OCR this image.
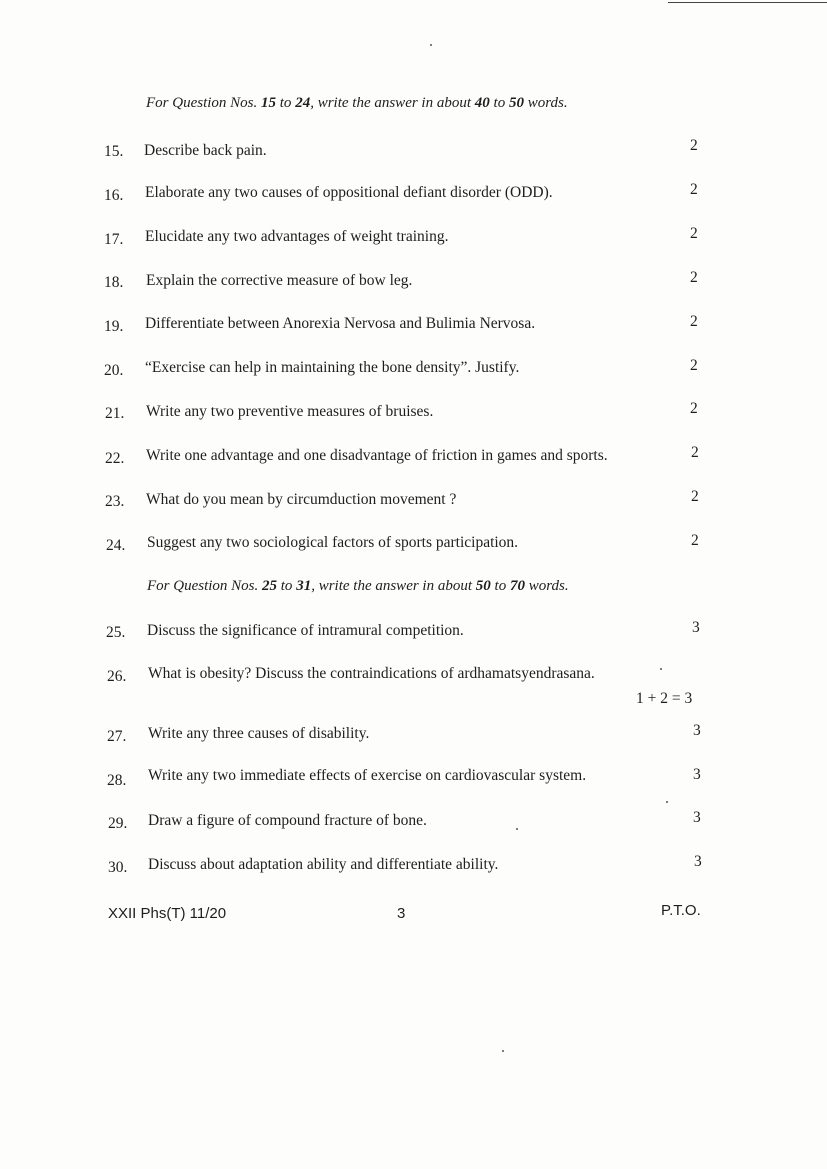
For Question Nos. 15 to 24, write the answer in about 40 to 50 words.
15. Describe back pain.	2
16. Elaborate any two causes of oppositional defiant disorder (ODD).	2
17. Elucidate any two advantages of weight training.	2
18. Explain the corrective measure of bow leg.	2
19. Differentiate between Anorexia Nervosa and Bulimia Nervosa.	2
20. “Exercise can help in maintaining the bone density”. Justify.	2
21. Write any two preventive measures of bruises.	2
22. Write one advantage and one disadvantage of friction in games and sports.	2
23. What do you mean by circumduction movement ?	2
24. Suggest any two sociological factors of sports participation.	2
For Question Nos. 25 to 31, write the answer in about 50 to 70 words.
25. Discuss the significance of intramural competition.	3
26. What is obesity? Discuss the contraindications of ardhamatsyendrasana.
1 + 2 = 3
27. Write any three causes of disability.	3
28. Write any two immediate effects of exercise on cardiovascular system.	3
29. Draw a figure of compound fracture of bone.	3
30. Discuss about adaptation ability and differentiate ability.	3
XXII Phs(T) 11/20	3	P.T.O.
